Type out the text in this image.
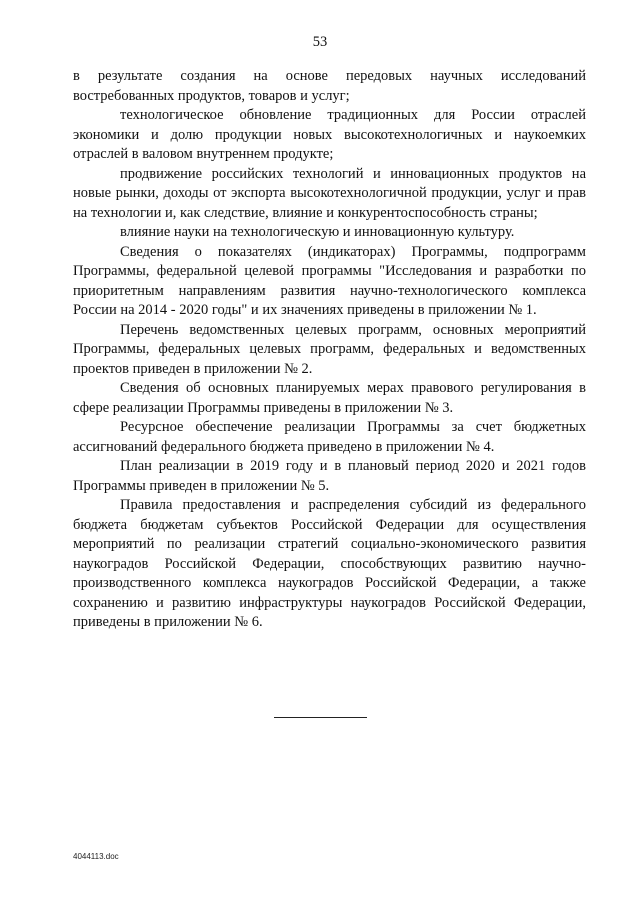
53

в результате создания на основе передовых научных исследований востребованных продуктов, товаров и услуг;

технологическое обновление традиционных для России отраслей экономики и долю продукции новых высокотехнологичных и наукоемких отраслей в валовом внутреннем продукте;

продвижение российских технологий и инновационных продуктов на новые рынки, доходы от экспорта высокотехнологичной продукции, услуг и прав на технологии и, как следствие, влияние и конкурентоспособность страны;

влияние науки на технологическую и инновационную культуру.

Сведения о показателях (индикаторах) Программы, подпрограмм Программы, федеральной целевой программы "Исследования и разработки по приоритетным направлениям развития научно-технологического комплекса России на 2014 - 2020 годы" и их значениях приведены в приложении № 1.

Перечень ведомственных целевых программ, основных мероприятий Программы, федеральных целевых программ, федеральных и ведомственных проектов приведен в приложении № 2.

Сведения об основных планируемых мерах правового регулирования в сфере реализации Программы приведены в приложении № 3.

Ресурсное обеспечение реализации Программы за счет бюджетных ассигнований федерального бюджета приведено в приложении № 4.

План реализации в 2019 году и в плановый период 2020 и 2021 годов Программы приведен в приложении № 5.

Правила предоставления и распределения субсидий из федерального бюджета бюджетам субъектов Российской Федерации для осуществления мероприятий по реализации стратегий социально-экономического развития наукоградов Российской Федерации, способствующих развитию научно-производственного комплекса наукоградов Российской Федерации, а также сохранению и развитию инфраструктуры наукоградов Российской Федерации, приведены в приложении № 6.

4044113.doc
